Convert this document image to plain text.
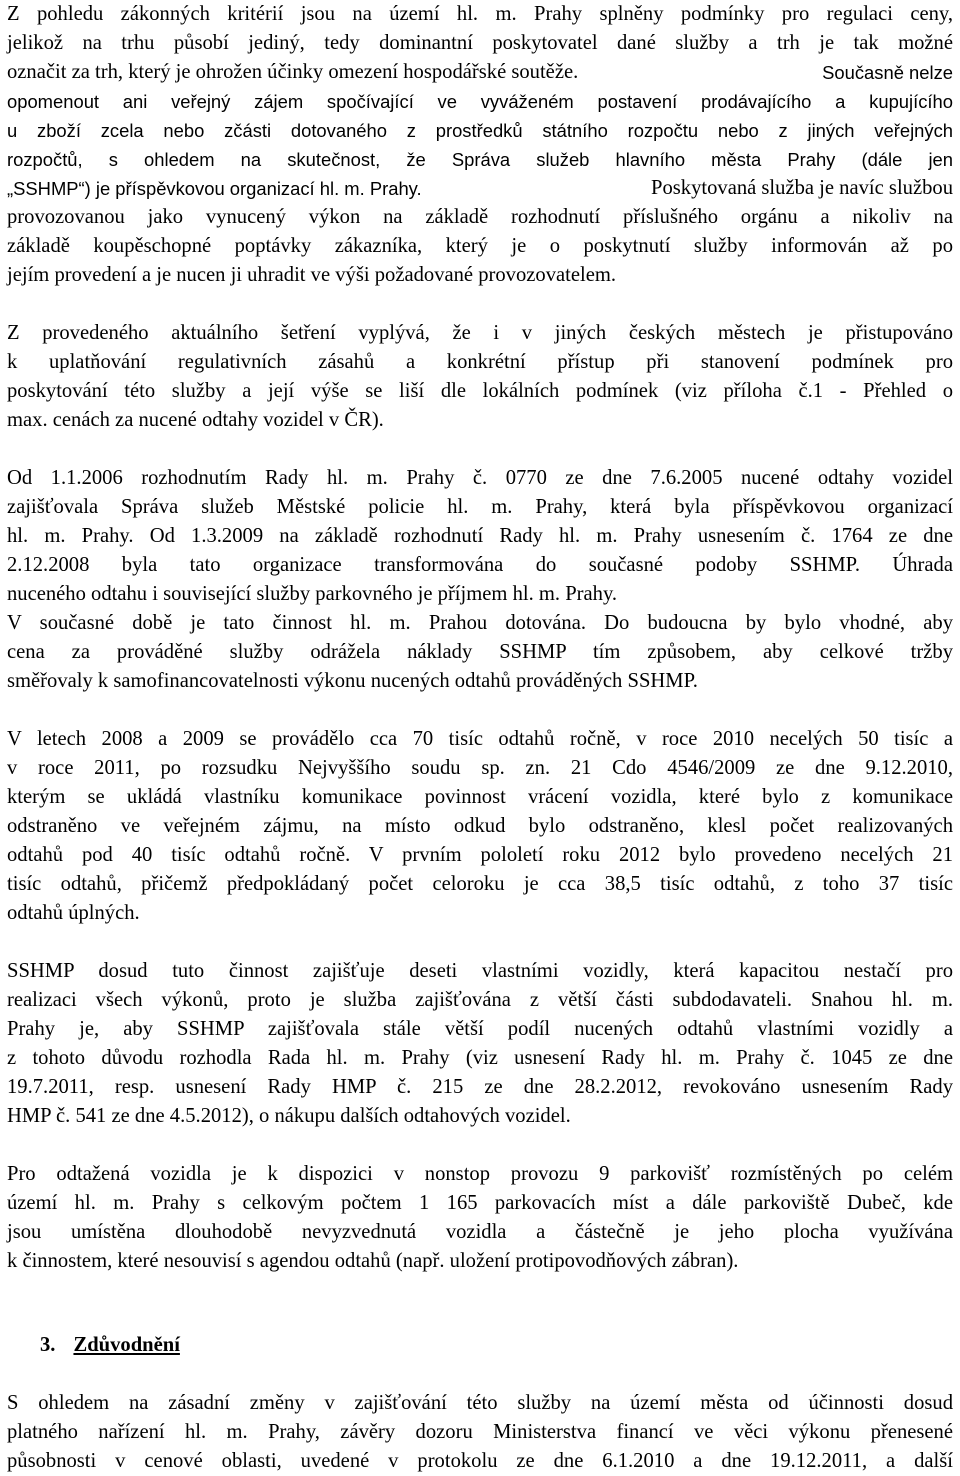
Z pohledu zákonných kritérií jsou na území hl. m. Prahy splněny podmínky pro regulaci ceny,
jelikož na trhu působí jediný, tedy dominantní poskytovatel dané služby a trh je tak možné
označit za trh, který je ohrožen účinky omezení hospodářské soutěže.	Současně nelze
opomenout ani veřejný zájem spočívající ve vyváženém postavení prodávajícího a kupujícího
u zboží zcela nebo zčásti dotovaného z prostředků státního rozpočtu nebo z jiných veřejných
rozpočtů, s ohledem na skutečnost, že Správa služeb hlavního města Prahy (dále jen
„SSHMP“) je příspěvkovou organizací hl. m. Prahy.	Poskytovaná služba je navíc službou
provozovanou jako vynucený výkon na základě rozhodnutí příslušného orgánu a nikoliv na
základě koupěschopné poptávky zákazníka, který je o poskytnutí služby informován až po
jejím provedení a je nucen ji uhradit ve výši požadované provozovatelem.
Z provedeného aktuálního šetření vyplývá, že i v jiných českých městech je přistupováno
k uplatňování regulativních zásahů a konkrétní přístup při stanovení podmínek pro
poskytování této služby a její výše se liší dle lokálních podmínek (viz příloha č.1 - Přehled o
max. cenách za nucené odtahy vozidel v ČR).
Od 1.1.2006 rozhodnutím Rady hl. m. Prahy č. 0770 ze dne 7.6.2005 nucené odtahy vozidel
zajišťovala Správa služeb Městské policie hl. m. Prahy, která byla příspěvkovou organizací
hl. m. Prahy. Od 1.3.2009 na základě rozhodnutí Rady hl. m. Prahy usnesením č. 1764 ze dne
2.12.2008 byla tato organizace transformována do současné podoby SSHMP. Úhrada
nuceného odtahu i související služby parkovného je příjmem hl. m. Prahy.
V současné době je tato činnost hl. m. Prahou dotována. Do budoucna by bylo vhodné, aby
cena za prováděné služby odrážela náklady SSHMP tím způsobem, aby celkové tržby
směřovaly k samofinancovatelnosti výkonu nucených odtahů prováděných SSHMP.
V letech 2008 a 2009 se provádělo cca 70 tisíc odtahů ročně, v roce 2010 necelých 50 tisíc a
v roce 2011, po rozsudku Nejvyššího soudu sp. zn. 21 Cdo 4546/2009 ze dne 9.12.2010,
kterým se ukládá vlastníku komunikace povinnost vrácení vozidla, které bylo z komunikace
odstraněno ve veřejném zájmu, na místo odkud bylo odstraněno, klesl počet realizovaných
odtahů pod 40 tisíc odtahů ročně. V prvním pololetí roku 2012 bylo provedeno necelých 21
tisíc odtahů, přičemž předpokládaný počet celoroku je cca 38,5 tisíc odtahů, z toho 37 tisíc
odtahů úplných.
SSHMP dosud tuto činnost zajišťuje deseti vlastními vozidly, která kapacitou nestačí pro
realizaci všech výkonů, proto je služba zajišťována z větší části subdodavateli. Snahou hl. m.
Prahy je, aby SSHMP zajišťovala stále větší podíl nucených odtahů vlastními vozidly a
z tohoto důvodu rozhodla Rada hl. m. Prahy (viz usnesení Rady hl. m. Prahy č. 1045 ze dne
19.7.2011, resp. usnesení Rady HMP č. 215 ze dne 28.2.2012, revokováno usnesením Rady
HMP č. 541 ze dne 4.5.2012), o nákupu dalších odtahových vozidel.
Pro odtažená vozidla je k dispozici v nonstop provozu 9 parkovišť rozmístěných po celém
území hl. m. Prahy s celkovým počtem 1 165 parkovacích míst a dále parkoviště Dubeč, kde
jsou umístěna dlouhodobě nevyzvednutá vozidla a částečně je jeho plocha využívána
k činnostem, které nesouvisí s agendou odtahů (např. uložení protipovodňových zábran).
3. Zdůvodnění
S ohledem na zásadní změny v zajišťování této služby na území města od účinnosti dosud
platného nařízení hl. m. Prahy, závěry dozoru Ministerstva financí ve věci výkonu přenesené
působnosti v cenové oblasti, uvedené v protokolu ze dne 6.1.2010 a dne 19.12.2011, a další
